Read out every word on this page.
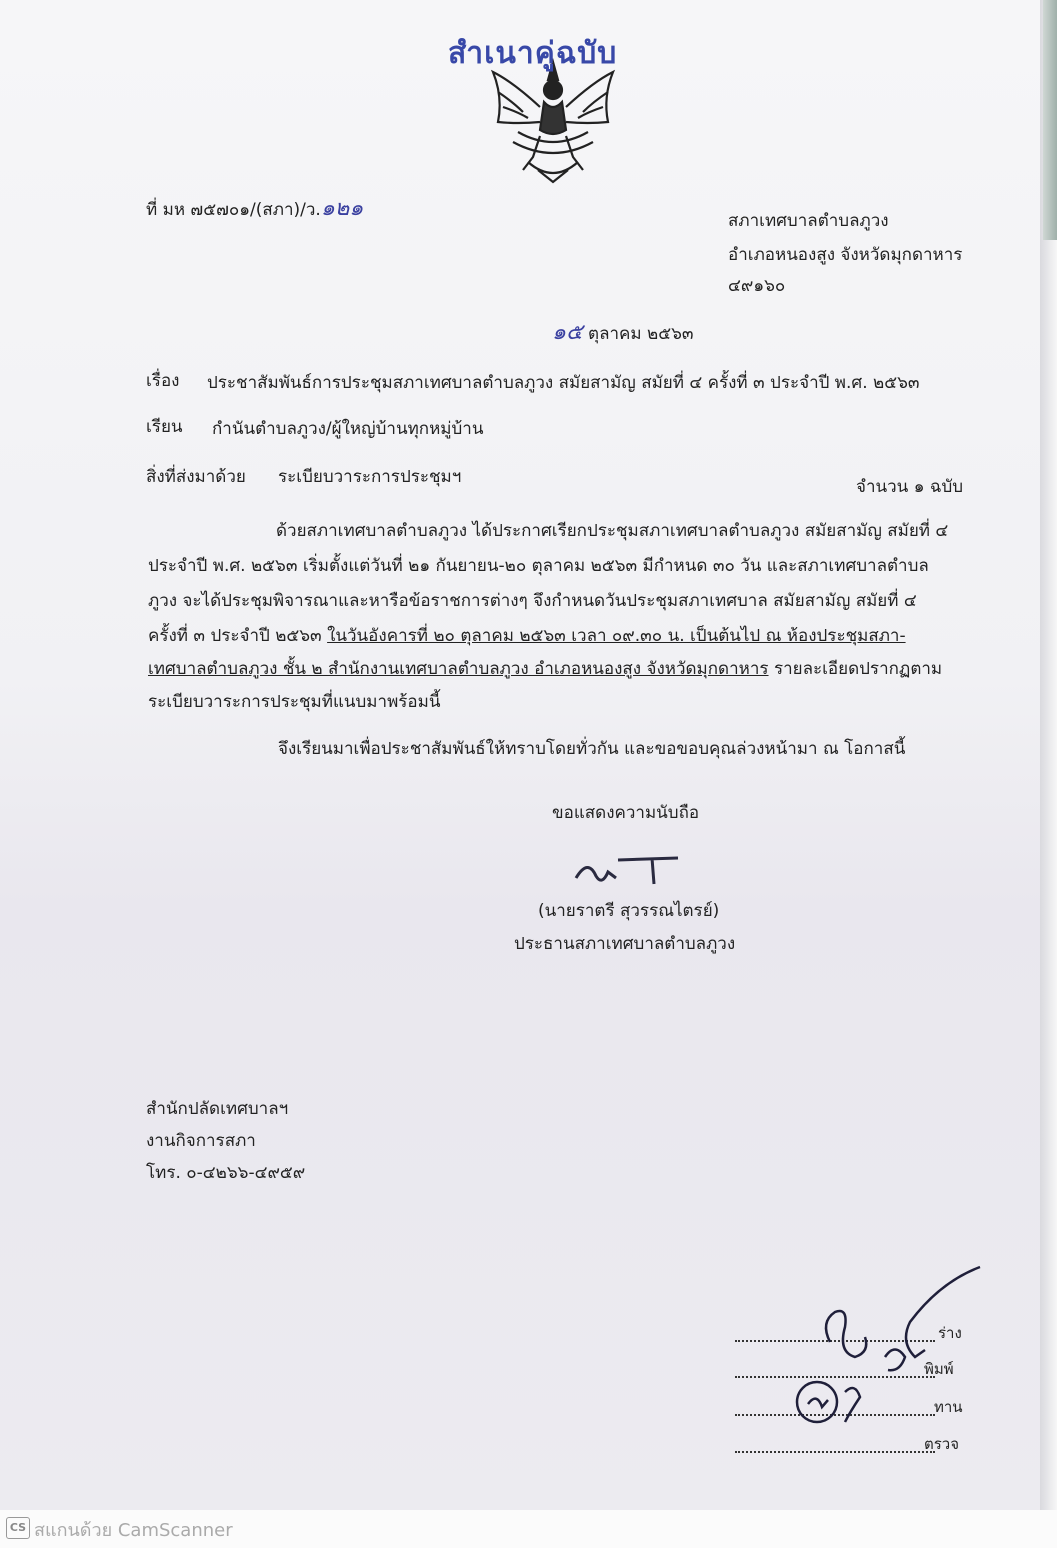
สำเนาคู่ฉบับ
ที่ มห ๗๕๗๐๑/(สภา)/ว.๑๒๑	สภาเทศบาลตำบลภูวง
อำเภอหนองสูง จังหวัดมุกดาหาร
๔๙๑๖๐
๑๕ ตุลาคม ๒๕๖๓
เรื่อง ประชาสัมพันธ์การประชุมสภาเทศบาลตำบลภูวง สมัยสามัญ สมัยที่ ๔ ครั้งที่ ๓ ประจำปี พ.ศ. ๒๕๖๓
เรียน กำนันตำบลภูวง/ผู้ใหญ่บ้านทุกหมู่บ้าน
สิ่งที่ส่งมาด้วย ระเบียบวาระการประชุมฯ	จำนวน ๑ ฉบับ
ด้วยสภาเทศบาลตำบลภูวง ได้ประกาศเรียกประชุมสภาเทศบาลตำบลภูวง สมัยสามัญ สมัยที่ ๔
ประจำปี พ.ศ. ๒๕๖๓ เริ่มตั้งแต่วันที่ ๒๑ กันยายน-๒๐ ตุลาคม ๒๕๖๓ มีกำหนด ๓๐ วัน และสภาเทศบาลตำบล
ภูวง จะได้ประชุมพิจารณาและหารือข้อราชการต่างๆ จึงกำหนดวันประชุมสภาเทศบาล สมัยสามัญ สมัยที่ ๔
ครั้งที่ ๓ ประจำปี ๒๕๖๓ ในวันอังคารที่ ๒๐ ตุลาคม ๒๕๖๓ เวลา ๐๙.๓๐ น. เป็นต้นไป ณ ห้องประชุมสภา-
เทศบาลตำบลภูวง ชั้น ๒ สำนักงานเทศบาลตำบลภูวง อำเภอหนองสูง จังหวัดมุกดาหาร รายละเอียดปรากฏตาม
ระเบียบวาระการประชุมที่แนบมาพร้อมนี้
จึงเรียนมาเพื่อประชาสัมพันธ์ให้ทราบโดยทั่วกัน และขอขอบคุณล่วงหน้ามา ณ โอกาสนี้
ขอแสดงความนับถือ
(นายราตรี สุวรรณไตรย์)
ประธานสภาเทศบาลตำบลภูวง
สำนักปลัดเทศบาลฯ
งานกิจการสภา
โทร. ๐-๔๒๖๖-๔๙๕๙
ร่าง
พิมพ์
ทาน
ตรวจ
CS สแกนด้วย CamScanner
